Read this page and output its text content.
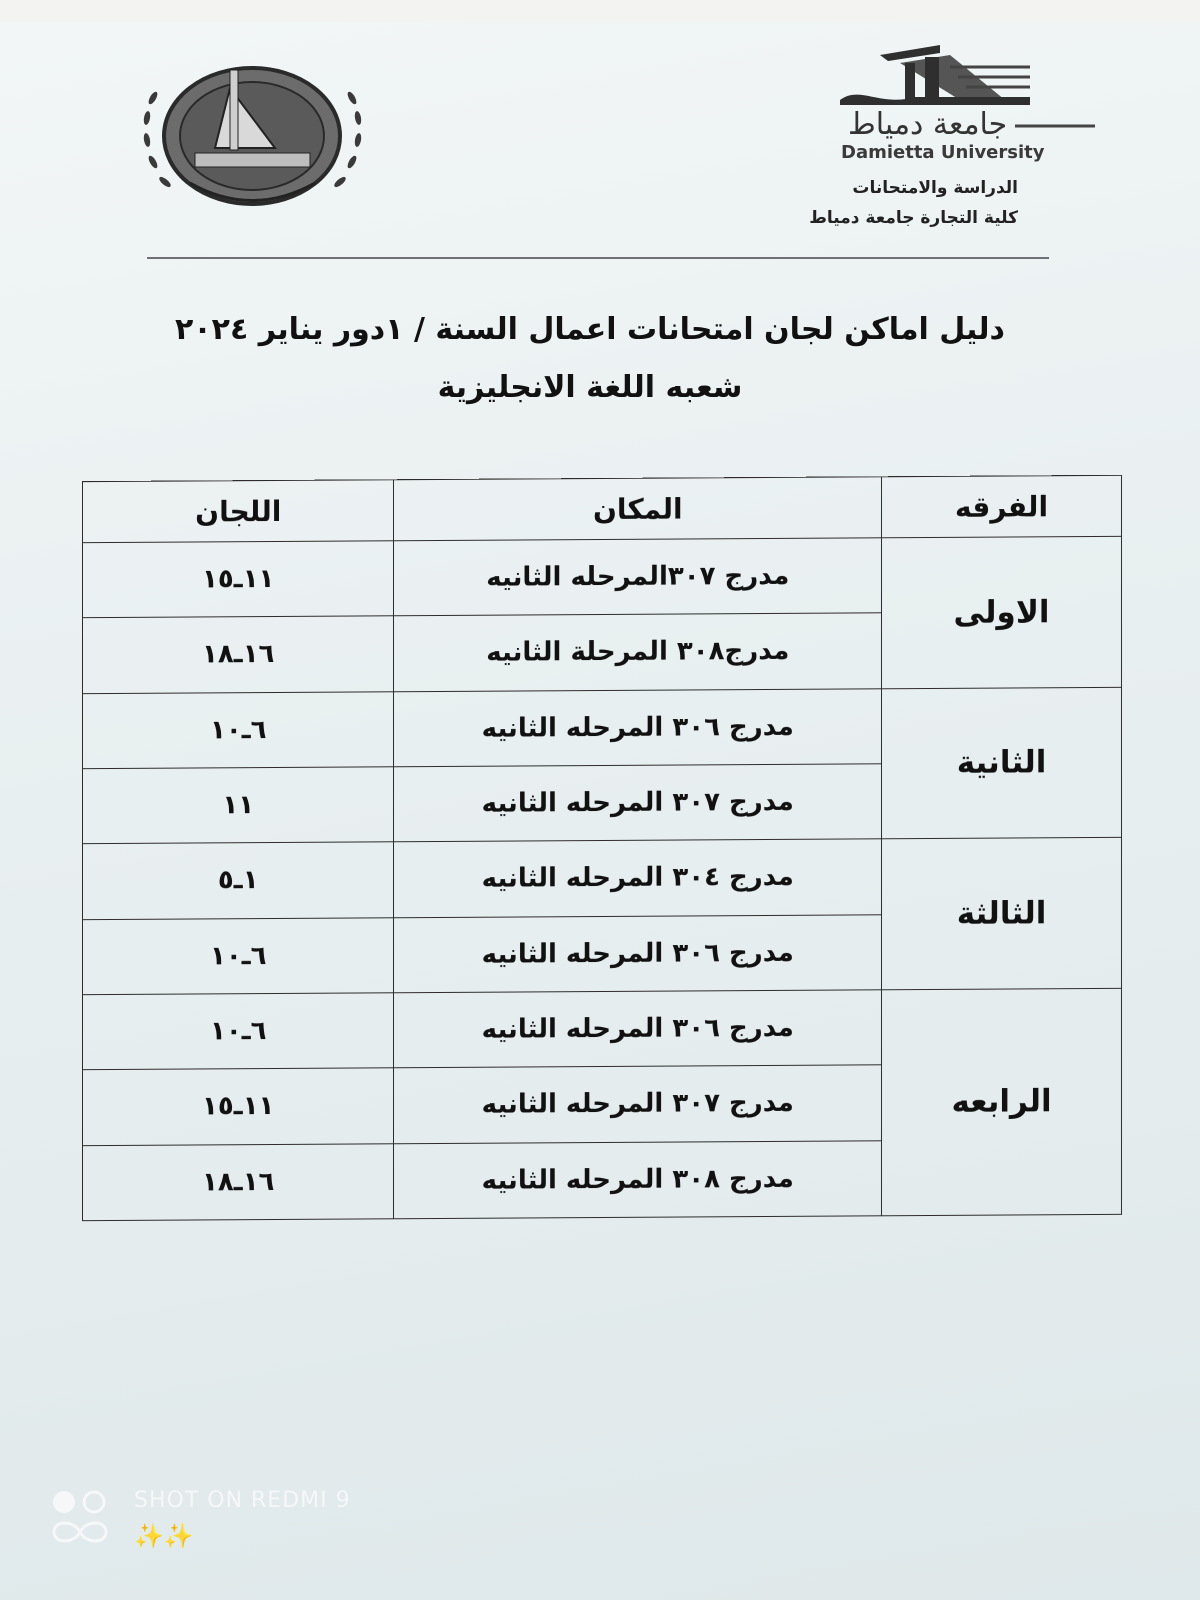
جامعة دمياط
Damietta University
الدراسة والامتحانات
كلية التجارة جامعة دمياط
دليل اماكن لجان امتحانات اعمال السنة / ١دور يناير ٢٠٢٤
شعبه اللغة الانجليزية
الفرقه	المكان	اللجان
الاولى	مدرج ٣٠٧المرحله الثانيه	١١ـ١٥
	مدرج٣٠٨ المرحلة الثانيه	١٦ـ١٨
الثانية	مدرج ٣٠٦ المرحله الثانيه	٦ـ١٠
	مدرج ٣٠٧ المرحله الثانيه	١١
الثالثة	مدرج ٣٠٤ المرحله الثانيه	١ـ٥
	مدرج ٣٠٦ المرحله الثانيه	٦ـ١٠
الرابعه	مدرج ٣٠٦ المرحله الثانيه	٦ـ١٠
	مدرج ٣٠٧ المرحله الثانيه	١١ـ١٥
	مدرج ٣٠٨ المرحله الثانيه	١٦ـ١٨
SHOT ON REDMI 9
✨✨
